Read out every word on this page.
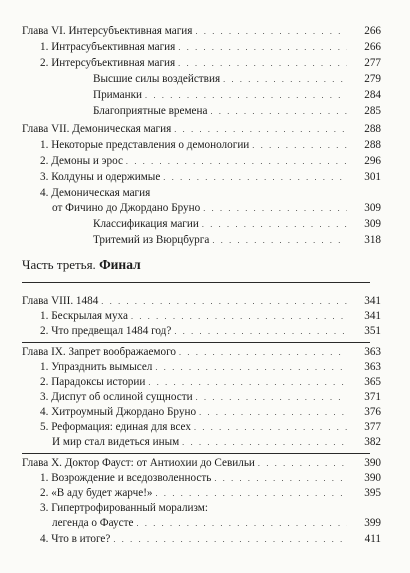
Глава VI. Интерсубъективная магия . . .	266
1. Интрасубъективная магия . . .	266
2. Интерсубъективная магия . . .	277
Высшие силы воздействия . . .	279
Приманки . . .	284
Благоприятные времена . . .	285
Глава VII. Демоническая магия . . .	288
1. Некоторые представления о демонологии . . .	288
2. Демоны и эрос . . .	296
3. Колдуны и одержимые . . .	301
4. Демоническая магия
от Фичино до Джордано Бруно . . .	309
Классификация магии . . .	309
Тритемий из Вюрцбурга . . .	318
Часть третья. Финал
Глава VIII. 1484 . . .	341
1. Бескрылая муха . . .	341
2. Что предвещал 1484 год? . . .	351
Глава IX. Запрет воображаемого . . .	363
1. Упразднить вымысел . . .	363
2. Парадоксы истории . . .	365
3. Диспут об ослиной сущности . . .	371
4. Хитроумный Джордано Бруно . . .	376
5. Реформация: единая для всех . . .	377
И мир стал видеться иным . . .	382
Глава X. Доктор Фауст: от Антиохии до Севильи . . .	390
1. Возрождение и вседозволенность . . .	390
2. «В аду будет жарче!» . . .	395
3. Гипертрофированный морализм:
легенда о Фаусте . . .	399
4. Что в итоге? . . .	411
